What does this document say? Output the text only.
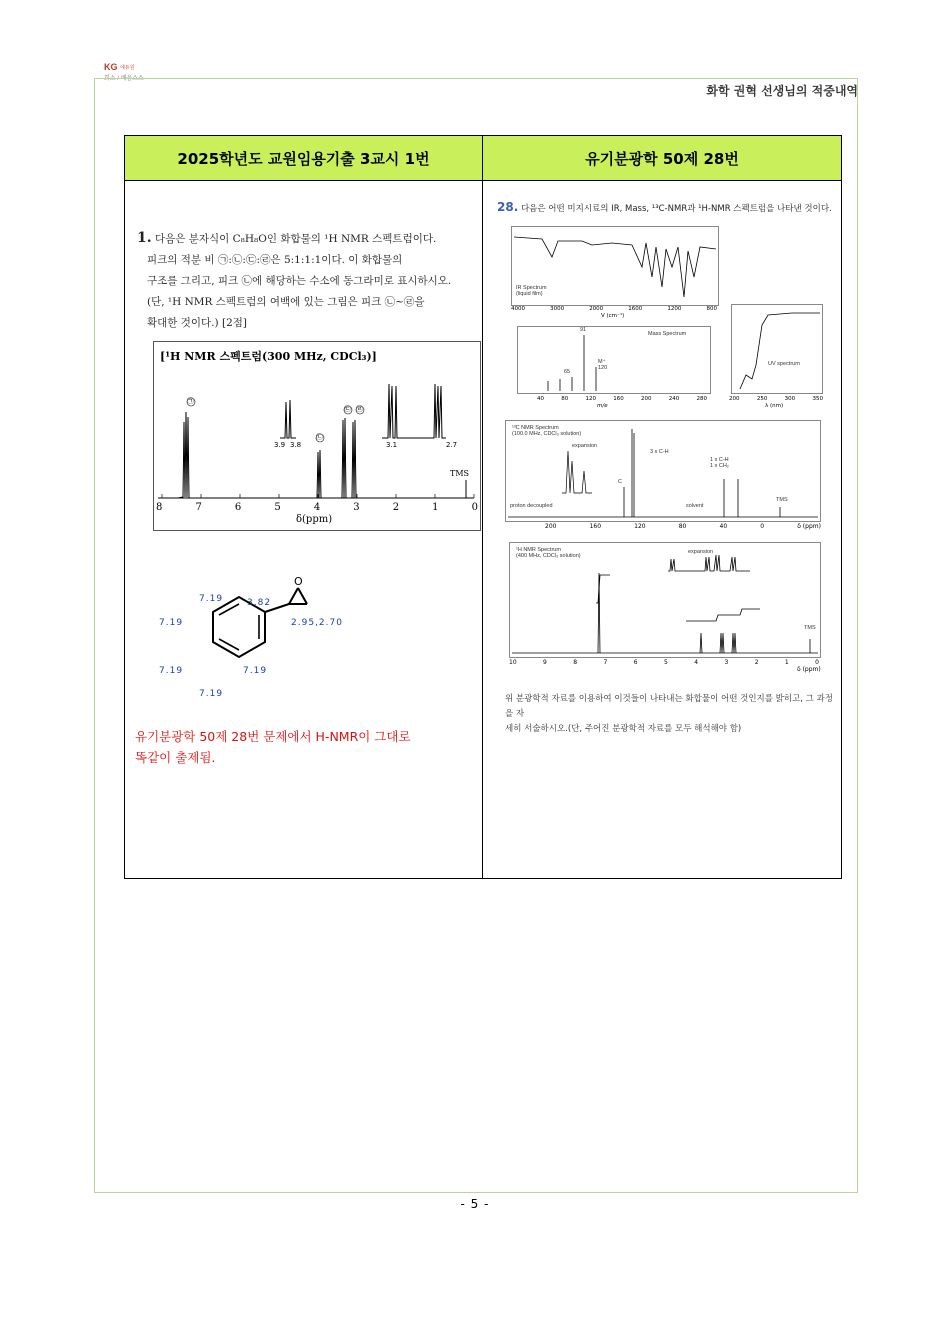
KG 에듀원
희소 / 배움스스
화학 권혁 선생님의 적중내역
2025학년도 교원임용기출 3교시 1번	유기분광학 50제 28번
1. 다음은 분자식이 C₈H₈O인 화합물의 ¹H NMR 스펙트럼이다.
피크의 적분 비 ㉠:㉡:㉢:㉣은 5:1:1:1이다. 이 화합물의
구조를 그리고, 피크 ㉡에 해당하는 수소에 동그라미로 표시하시오.
(단, ¹H NMR 스펙트럼의 여백에 있는 그림은 피크 ㉡~㉣을
확대한 것이다.) [2점]
[¹H NMR 스펙트럼(300 MHz, CDCl₃)]
㉠
㉡
㉢ ㉣
3.9 3.8	3.1	2.7
TMS
8	7	6	5	4	3	2	1	0
δ(ppm)
O
7.19
7.19
7.19	7.19
7.19
3.82
2.95,2.70
유기분광학 50제 28번 문제에서 H-NMR이 그대로
똑같이 출제됨.
28. 다음은 어떤 미지시료의 IR, Mass, ¹³C-NMR과 ¹H-NMR 스펙트럼을 나타낸 것이다.
IR Spectrum
(liquid film)
4000	3000	2000	1600	1200	800
V (cm⁻¹)
Mass Spectrum
91
65
M⁺
120
40	80	120	160	200	240	280
m/e
UV spectrum
200	250	300	350
λ (nm)
¹³C NMR Spectrum
(100.0 MHz, CDCl₃ solution)
expansion
3 x C-H
1 x C-H
1 x CH₂
proton decoupled	solvent
TMS
C
200	160	120	80	40	0	δ (ppm)
¹H NMR Spectrum
(400 MHz, CDCl₃ solution)
expansion
TMS
10	9	8	7	6	5	4	3	2	1	0
δ (ppm)
위 분광학적 자료를 이용하여 이것들이 나타내는 화합물이 어떤 것인지를 밝히고, 그 과정을 자
세히 서술하시오.(단, 주어진 분광학적 자료를 모두 해석해야 함)
- 5 -
